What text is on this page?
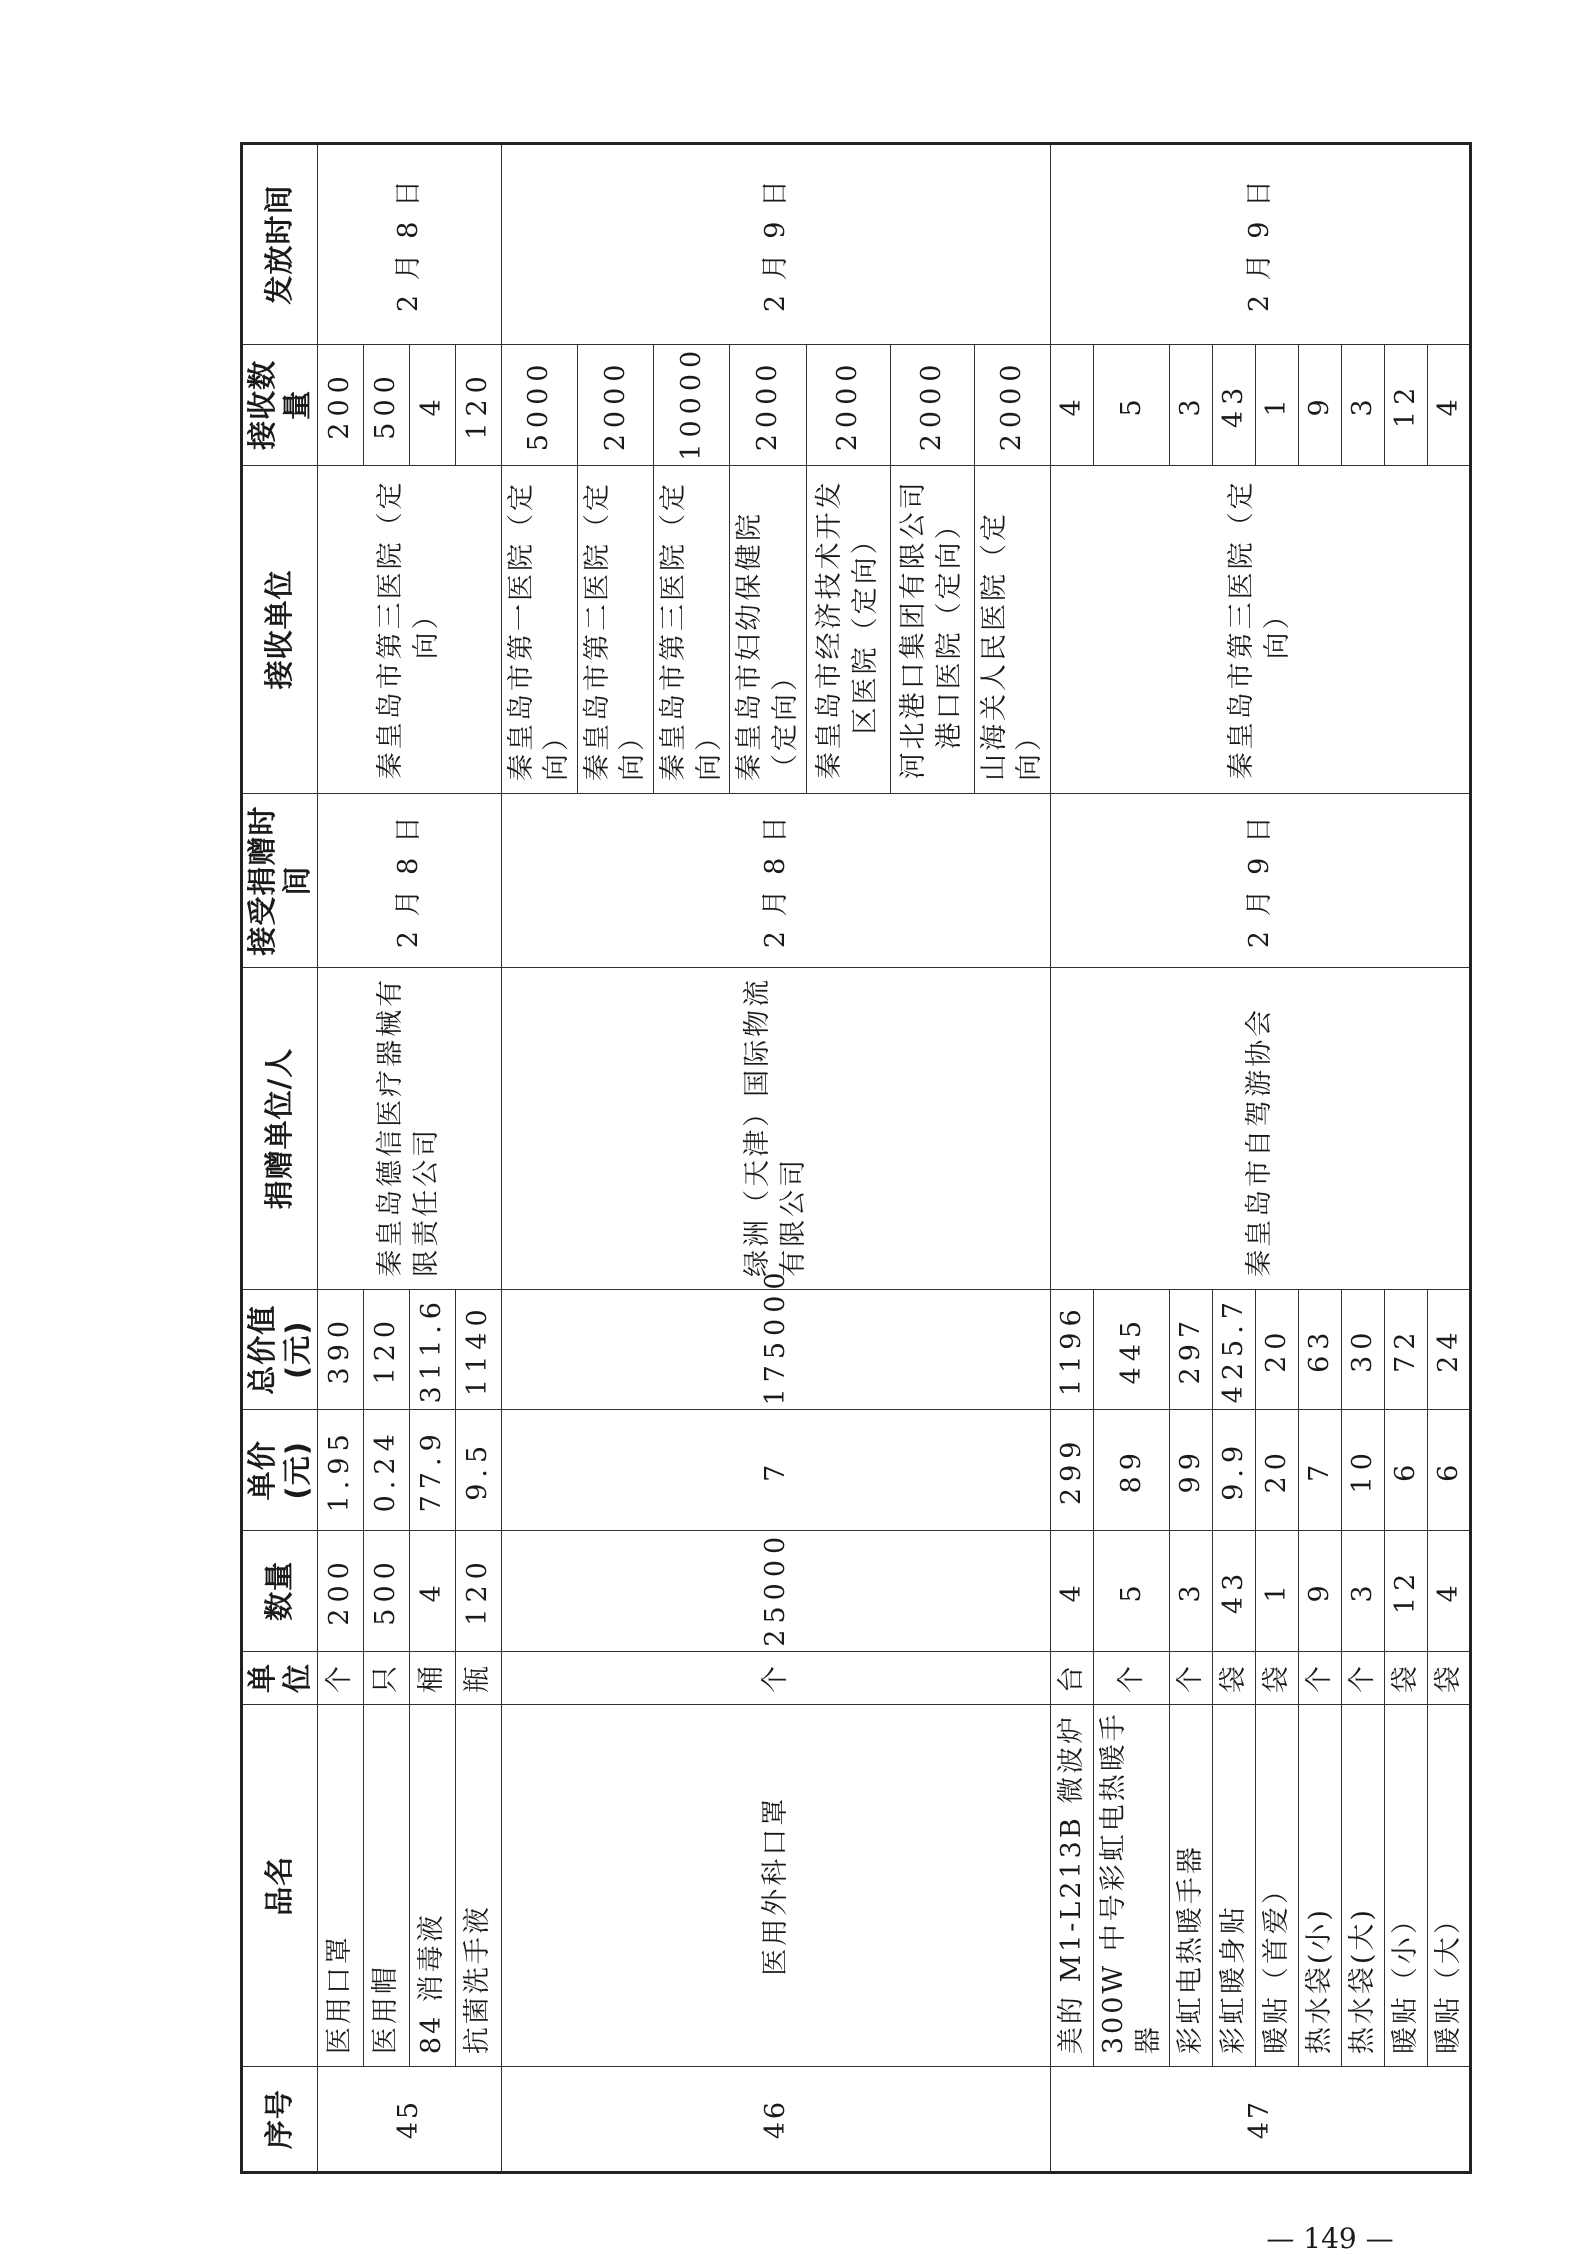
序号	品名	单位	数量	单价(元)	总价值(元)	捐赠单位/人	接受捐赠时间	接收单位	接收数量	发放时间
45	医用口罩	个	200	1.95	390	秦皇岛德信医疗器械有限责任公司	2 月 8 日	秦皇岛市第三医院（定向）	200	2 月 8 日
	医用帽	只	500	0.24	120				500	
	84 消毒液	桶	4	77.9	311.6				4	
	抗菌洗手液	瓶	120	9.5	1140				120	
46	医用外科口罩	个	25000	7	175000	绿洲（天津）国际物流有限公司	2 月 8 日	秦皇岛市第一医院（定向）	5000	2 月 9 日
								秦皇岛市第二医院（定向）	2000	
								秦皇岛市第三医院（定向）	10000	
								秦皇岛市妇幼保健院（定向）	2000	
								秦皇岛市经济技术开发区医院（定向）	2000	
								河北港口集团有限公司港口医院（定向）	2000	
								山海关人民医院（定向）	2000	
47	美的 M1-L213B 微波炉	台	4	299	1196	秦皇岛市自驾游协会	2 月 9 日	秦皇岛市第三医院（定向）	4	2 月 9 日
	300W 中号彩虹电热暖手器	个	5	89	445				5	
	彩虹电热暖手器	个	3	99	297				3	
	彩虹暖身贴	袋	43	9.9	425.7				43	
	暖贴（首爱）	袋	1	20	20				1	
	热水袋(小)	个	9	7	63				9	
	热水袋(大)	个	3	10	30				3	
	暖贴（小）	袋	12	6	72				12	
	暖贴（大）	袋	4	6	24				4	
— 149 —
